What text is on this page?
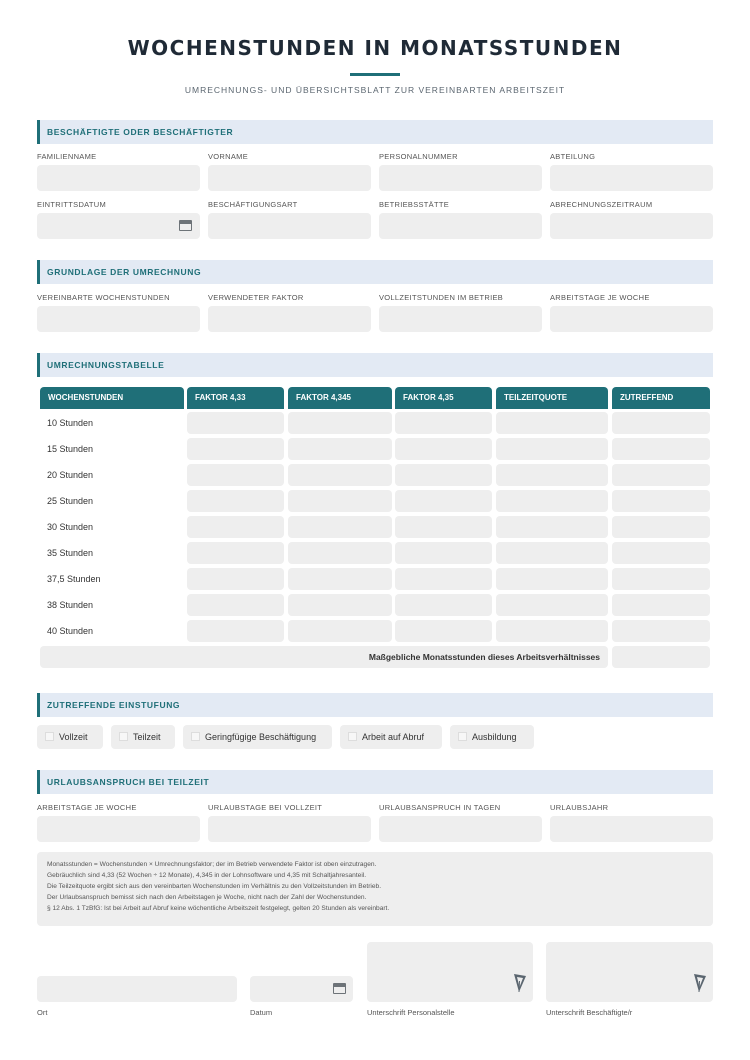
WOCHENSTUNDEN IN MONATSSTUNDEN
UMRECHNUNGS- UND ÜBERSICHTSBLATT ZUR VEREINBARTEN ARBEITSZEIT
BESCHÄFTIGTE ODER BESCHÄFTIGTER
FAMILIENNAME	VORNAME	PERSONALNUMMER	ABTEILUNG
EINTRITTSDATUM	BESCHÄFTIGUNGSART	BETRIEBSSTÄTTE	ABRECHNUNGSZEITRAUM
GRUNDLAGE DER UMRECHNUNG
VEREINBARTE WOCHENSTUNDEN	VERWENDETER FAKTOR	VOLLZEITSTUNDEN IM BETRIEB	ARBEITSTAGE JE WOCHE
UMRECHNUNGSTABELLE
WOCHENSTUNDEN	FAKTOR 4,33	FAKTOR 4,345	FAKTOR 4,35	TEILZEITQUOTE	ZUTREFFEND
10 Stunden
15 Stunden
20 Stunden
25 Stunden
30 Stunden
35 Stunden
37,5 Stunden
38 Stunden
40 Stunden
Maßgebliche Monatsstunden dieses Arbeitsverhältnisses
ZUTREFFENDE EINSTUFUNG
Vollzeit	Teilzeit	Geringfügige Beschäftigung	Arbeit auf Abruf	Ausbildung
URLAUBSANSPRUCH BEI TEILZEIT
ARBEITSTAGE JE WOCHE	URLAUBSTAGE BEI VOLLZEIT	URLAUBSANSPRUCH IN TAGEN	URLAUBSJAHR
Monatsstunden = Wochenstunden × Umrechnungsfaktor; der im Betrieb verwendete Faktor ist oben einzutragen.
Gebräuchlich sind 4,33 (52 Wochen ÷ 12 Monate), 4,345 in der Lohnsoftware und 4,35 mit Schaltjahresanteil.
Die Teilzeitquote ergibt sich aus den vereinbarten Wochenstunden im Verhältnis zu den Vollzeitstunden im Betrieb.
Der Urlaubsanspruch bemisst sich nach den Arbeitstagen je Woche, nicht nach der Zahl der Wochenstunden.
§ 12 Abs. 1 TzBfG: Ist bei Arbeit auf Abruf keine wöchentliche Arbeitszeit festgelegt, gelten 20 Stunden als vereinbart.
Ort	Datum	Unterschrift Personalstelle	Unterschrift Beschäftigte/r
